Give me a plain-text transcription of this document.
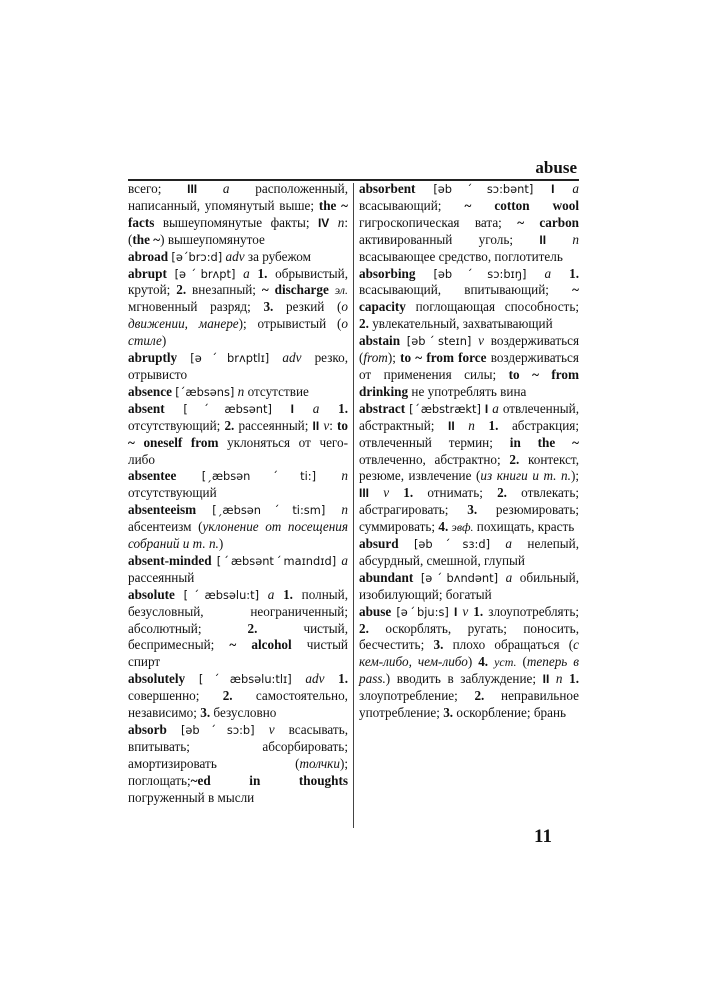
abuse

всего; III a расположенный, написанный, упомянутый выше; the ~ facts вышеупомянутые факты; IV n: (the ~) вышеупомянутое

abroad [əˊbrɔ:d] adv за рубежом

abrupt [əˊbrʌpt] a 1. обрывистый, крутой; 2. внезапный; ~ discharge эл. мгновенный разряд; 3. резкий (о движении, манере); отрывистый (о стиле)

abruptly [əˊbrʌptlɪ] adv резко, отрывисто

absence [ˊæbsəns] n отсутствие

absent [ˊæbsənt] I a 1. отсутствующий; 2. рассеянный; II v: to ~ oneself from уклоняться от чего-либо

absentee [ˏæbsənˊti:] n отсутствующий

absenteeism [ˏæbsənˊti:sm] n абсентеизм (уклонение от посещения собраний и т. п.)

absent-minded [ˊæbsəntˊmaɪndɪd] a рассеянный

absolute [ˊæbsəlu:t] a 1. полный, безусловный, неограниченный; абсолютный; 2. чистый, беспримесный; ~ alcohol чистый спирт

absolutely [ˊæbsəlu:tlɪ] adv 1. совершенно; 2. самостоятельно, независимо; 3. безусловно

absorb [əbˊsɔ:b] v всасывать, впитывать; абсорбировать; амортизировать (толчки); поглощать;~ed in thoughts погруженный в мысли

absorbent [əbˊsɔ:bənt] I a всасывающий; ~ cotton wool гигроскопическая вата; ~ carbon активированный уголь; II n всасывающее средство, поглотитель

absorbing [əbˊsɔ:bɪŋ] a 1. всасывающий, впитывающий; ~ capacity поглощающая способность; 2. увлекательный, захватывающий

abstain [əbˊsteɪn] v воздерживаться (from); to ~ from force воздерживаться от применения силы; to ~ from drinking не употреблять вина

abstract [ˊæbstrækt] I a отвлеченный, абстрактный; II n 1. абстракция; отвлеченный термин; in the ~ отвлеченно, абстрактно; 2. контекст, резюме, извлечение (из книги и т. п.); III v 1. отнимать; 2. отвлекать; абстрагировать; 3. резюмировать; суммировать; 4. эвф. похищать, красть

absurd [əbˊsɜ:d] a нелепый, абсурдный, смешной, глупый

abundant [əˊbʌndənt] a обильный, изобилующий; богатый

abuse [əˊbju:s] I v 1. злоупотреблять; 2. оскорблять, ругать; поносить, бесчестить; 3. плохо обращаться (с кем-либо, чем-либо) 4. уст. (теперь в pass.) вводить в заблуждение; II n 1. злоупотребление; 2. неправильное употребление; 3. оскорбление; брань

11
